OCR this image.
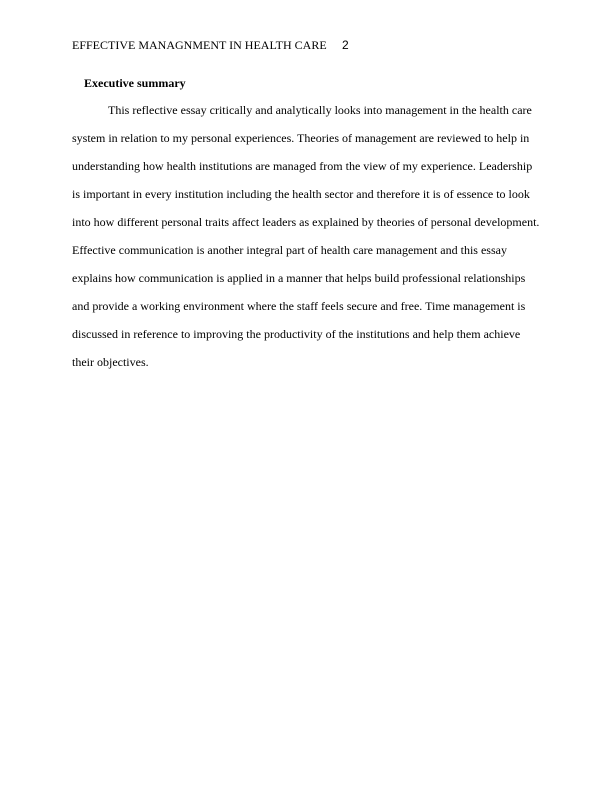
EFFECTIVE MANAGNMENT IN HEALTH CARE 2
Executive summary
This reflective essay critically and analytically looks into management in the health care
system in relation to my personal experiences. Theories of management are reviewed to help in
understanding how health institutions are managed from the view of my experience. Leadership
is important in every institution including the health sector and therefore it is of essence to look
into how different personal traits affect leaders as explained by theories of personal development.
Effective communication is another integral part of health care management and this essay
explains how communication is applied in a manner that helps build professional relationships
and provide a working environment where the staff feels secure and free. Time management is
discussed in reference to improving the productivity of the institutions and help them achieve
their objectives.
